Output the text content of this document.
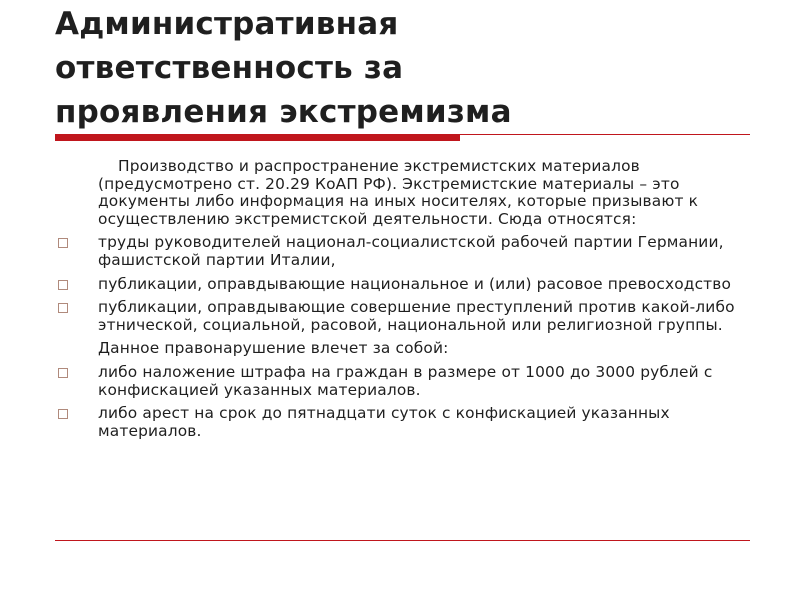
Административная
ответственность за
проявления экстремизма

Производство и распространение экстремистских материалов (предусмотрено ст. 20.29 КоАП РФ). Экстремистские материалы – это документы либо информация на иных носителях, которые призывают к осуществлению экстремистской деятельности. Сюда относятся:

труды руководителей национал-социалистской рабочей партии Германии, фашистской партии Италии,

публикации, оправдывающие национальное и (или) расовое превосходство

публикации, оправдывающие совершение преступлений против какой-либо этнической, социальной, расовой, национальной или религиозной группы.

Данное правонарушение влечет за собой:

либо наложение штрафа на граждан в размере от 1000 до 3000 рублей с конфискацией указанных материалов.

либо арест на срок до пятнадцати суток с конфискацией указанных материалов.
